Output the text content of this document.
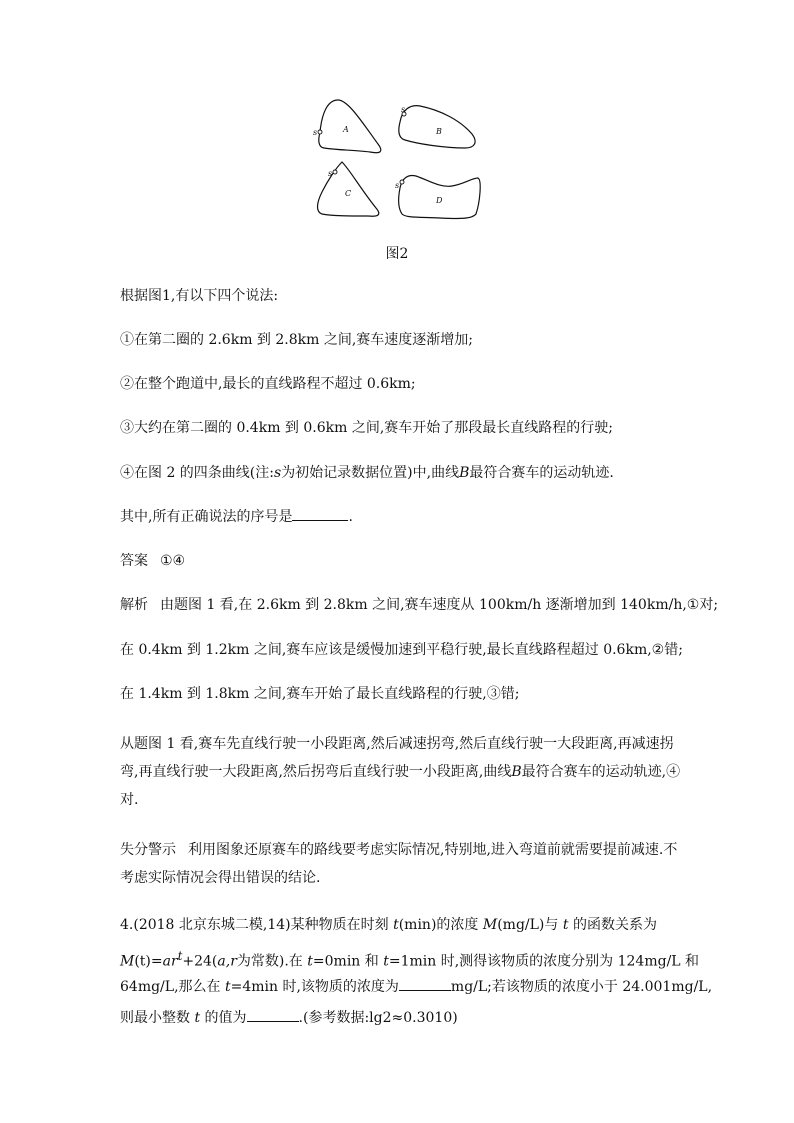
s
s
s
s
A	B
C
D
图2
根据图1,有以下四个说法:
①在第二圈的 2.6km 到 2.8km 之间,赛车速度逐渐增加;
②在整个跑道中,最长的直线路程不超过 0.6km;
③大约在第二圈的 0.4km 到 0.6km 之间,赛车开始了那段最长直线路程的行驶;
④在图 2 的四条曲线(注:s为初始记录数据位置)中,曲线B最符合赛车的运动轨迹.
其中,所有正确说法的序号是	.
答案 ①④
解析 由题图 1 看,在 2.6km 到 2.8km 之间,赛车速度从 100km/h 逐渐增加到 140km/h,①对;
在 0.4km 到 1.2km 之间,赛车应该是缓慢加速到平稳行驶,最长直线路程超过 0.6km,②错;
在 1.4km 到 1.8km 之间,赛车开始了最长直线路程的行驶,③错;
从题图 1 看,赛车先直线行驶一小段距离,然后减速拐弯,然后直线行驶一大段距离,再减速拐弯,再直线行驶一大段距离,然后拐弯后直线行驶一小段距离,曲线B最符合赛车的运动轨迹,④对.
失分警示 利用图象还原赛车的路线要考虑实际情况,特别地,进入弯道前就需要提前减速.不考虑实际情况会得出错误的结论.
4.(2018 北京东城二模,14)某种物质在时刻 t(min)的浓度 M(mg/L)与 t 的函数关系为
$M(t)=ar^t+24(a,r$为常数).在 t=0min 和 t=1min 时,测得该物质的浓度分别为 124mg/L 和
64mg/L,那么在 t=4min 时,该物质的浓度为	mg/L;若该物质的浓度小于 24.001mg/L,
则最小整数 t 的值为	.(参考数据:lg2≈0.3010)
